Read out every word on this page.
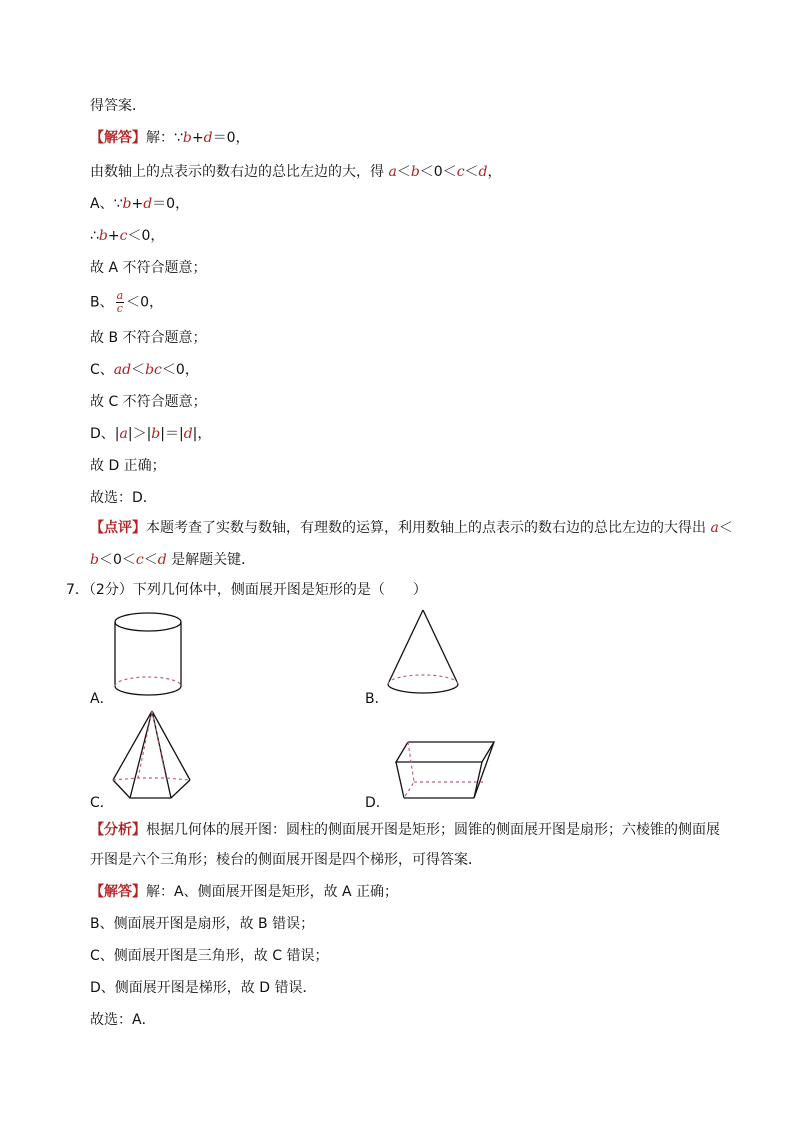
得答案．
【解答】解：∵b+d＝0，
由数轴上的点表示的数右边的总比左边的大，得 a＜b＜0＜c＜d，
A、∵b+d＝0，
∴b+c＜0，
故 A 不符合题意；
B、 $\frac{a}{c} <0$，
故 B 不符合题意；
C、ad＜bc＜0，
故 C 不符合题意；
D、|a|＞|b|＝|d|，
故 D 正确；
故选：D．
【点评】本题考查了实数与数轴，有理数的运算，利用数轴上的点表示的数右边的总比左边的大得出 a＜
b＜0＜c＜d 是解题关键．
7．（2分）下列几何体中，侧面展开图是矩形的是（　　）
A．	B．
C．	D．
【分析】根据几何体的展开图：圆柱的侧面展开图是矩形；圆锥的侧面展开图是扇形；六棱锥的侧面展
开图是六个三角形；棱台的侧面展开图是四个梯形，可得答案．
【解答】解：A、侧面展开图是矩形，故 A 正确；
B、侧面展开图是扇形，故 B 错误；
C、侧面展开图是三角形，故 C 错误；
D、侧面展开图是梯形，故 D 错误．
故选：A．
